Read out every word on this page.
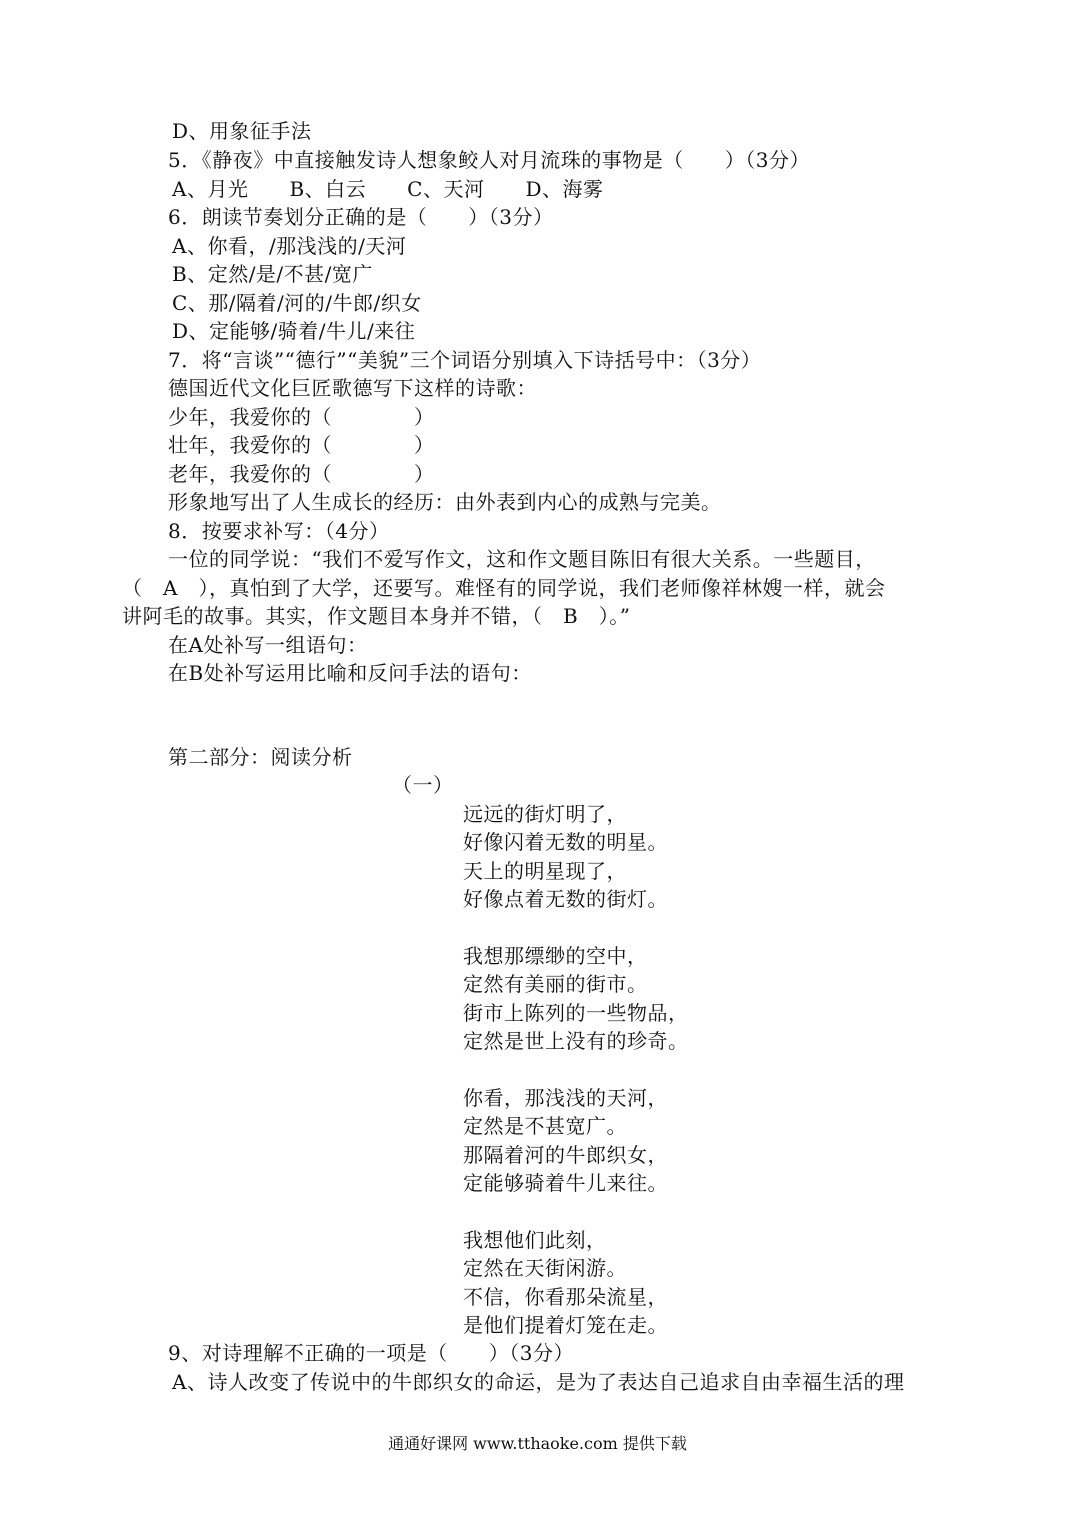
D、用象征手法
5．《静夜》中直接触发诗人想象鲛人对月流珠的事物是（　　）（3分）
A、月光　　B、白云　　C、天河　　D、海雾
6．朗读节奏划分正确的是（　　）（3分）
A、你看，/那浅浅的/天河
B、定然/是/不甚/宽广
C、那/隔着/河的/牛郎/织女
D、定能够/骑着/牛儿/来往
7．将“言谈”“德行”“美貌”三个词语分别填入下诗括号中：（3分）
德国近代文化巨匠歌德写下这样的诗歌：
少年，我爱你的（　　　　）
壮年，我爱你的（　　　　）
老年，我爱你的（　　　　）
形象地写出了人生成长的经历：由外表到内心的成熟与完美。
8．按要求补写：（4分）
一位的同学说：“我们不爱写作文，这和作文题目陈旧有很大关系。一些题目，
（　A　），真怕到了大学，还要写。难怪有的同学说，我们老师像祥林嫂一样，就会
讲阿毛的故事。其实，作文题目本身并不错，（　B　）。”
在A处补写一组语句：
在B处补写运用比喻和反问手法的语句：
第二部分：阅读分析
（一）
远远的街灯明了，
好像闪着无数的明星。
天上的明星现了，
好像点着无数的街灯。
我想那缥缈的空中，
定然有美丽的街市。
街市上陈列的一些物品，
定然是世上没有的珍奇。
你看，那浅浅的天河，
定然是不甚宽广。
那隔着河的牛郎织女，
定能够骑着牛儿来往。
我想他们此刻，
定然在天街闲游。
不信，你看那朵流星，
是他们提着灯笼在走。
9、对诗理解不正确的一项是（　　）（3分）
A、诗人改变了传说中的牛郎织女的命运，是为了表达自己追求自由幸福生活的理
通通好课网 www.tthaoke.com 提供下载
